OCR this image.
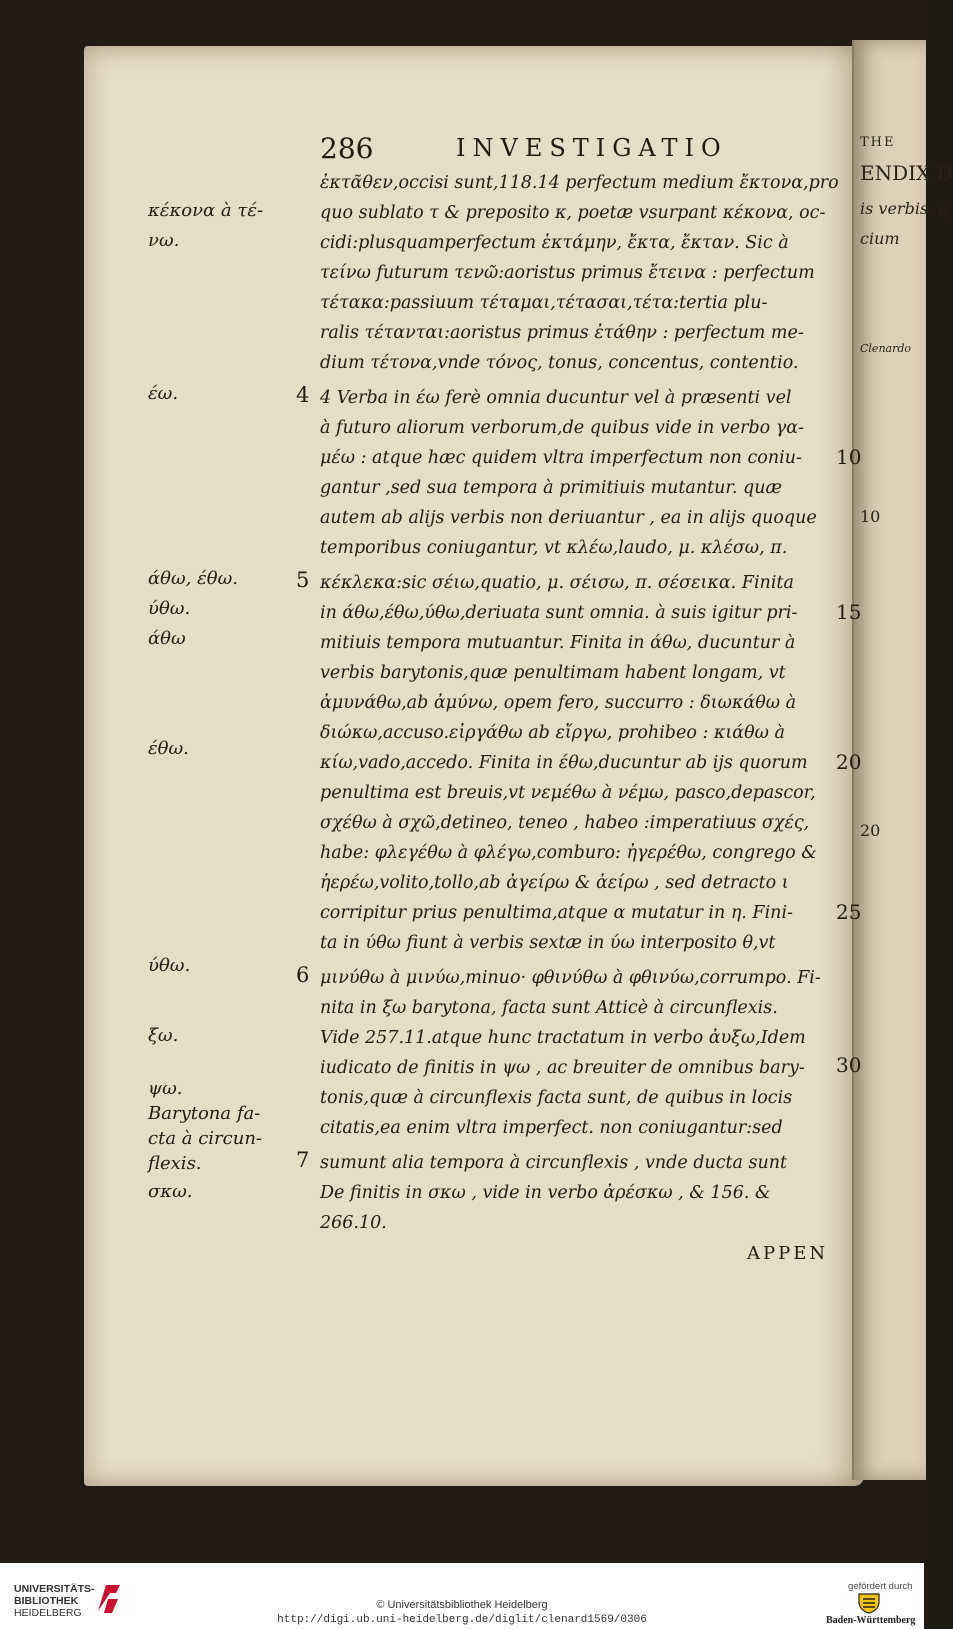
THE
ENDIX D
is verbis, q
cium
Clenardo
10
20
286	INVESTIGATIO
ἐκτᾶθεν,occisi sunt,118.14 perfectum medium ἔκτονα,pro
quo sublato τ & preposito κ, poetæ vsurpant κέκονα, oc-
cidi:plusquamperfectum ἐκτάμην, ἔκτα, ἔκταν. Sic à
τείνω futurum τενῶ:aoristus primus ἔτεινα : perfectum
τέτακα:passiuum τέταμαι,τέτασαι,τέτα:tertia plu-
ralis τέτανται:aoristus primus ἐτάθην : perfectum me-
dium τέτονα,vnde τόνος, tonus, concentus, contentio.
4 Verba in έω ferè omnia ducuntur vel à præsenti vel
à futuro aliorum verborum,de quibus vide in verbo γα-
μέω : atque hæc quidem vltra imperfectum non coniu-
gantur ,sed sua tempora à primitiuis mutantur. quæ
autem ab alijs verbis non deriuantur , ea in alijs quoque
temporibus coniugantur, vt κλέω,laudo, μ. κλέσω, π.
κέκλεκα:sic σέιω,quatio, μ. σέισω, π. σέσεικα. Finita
in άθω,έθω,ύθω,deriuata sunt omnia. à suis igitur pri-
mitiuis tempora mutuantur. Finita in άθω, ducuntur à
verbis barytonis,quæ penultimam habent longam, vt
ἀμυνάθω,ab ἀμύνω, opem fero, succurro : διωκάθω à
διώκω,accuso.εἰργάθω ab εἴργω, prohibeo : κιάθω à
κίω,vado,accedo. Finita in έθω,ducuntur ab ijs quorum
penultima est breuis,vt νεμέθω à νέμω, pasco,depascor,
σχέθω à σχῶ,detineo, teneo , habeo :imperatiuus σχές,
habe: φλεγέθω à φλέγω,comburo: ἠγερέθω, congrego &
ἠερέω,volito,tollo,ab ἀγείρω & ἀείρω , sed detracto ι
corripitur prius penultima,atque α mutatur in η. Fini-
ta in ύθω fiunt à verbis sextæ in ύω interposito θ,vt
μινύθω à μινύω,minuo· φθινύθω à φθινύω,corrumpo. Fi-
nita in ξω barytona, facta sunt Atticè à circunflexis.
Vide 257.11.atque hunc tractatum in verbo ἀυξω,Idem
iudicato de finitis in ψω , ac breuiter de omnibus bary-
tonis,quæ à circunflexis facta sunt, de quibus in locis
citatis,ea enim vltra imperfect. non coniugantur:sed
sumunt alia tempora à circunflexis , vnde ducta sunt
De finitis in σκω , vide in verbo ἀρέσκω , & 156. &
266.10.
κέκονα à τέ-
νω.
έω.
άθω, έθω.
ύθω.
άθω
έθω.
ύθω.
ξω.
ψω.
Barytona fa-
cta à circun-
flexis.
σκω.
4
5
6
7
10
15
20
25
30
APPEN
UNIVERSITÄTS-
BIBLIOTHEK
HEIDELBERG
© Universitätsbibliothek Heidelberg
http://digi.ub.uni-heidelberg.de/diglit/clenard1569/0306
gefördert durch
Baden-Württemberg
